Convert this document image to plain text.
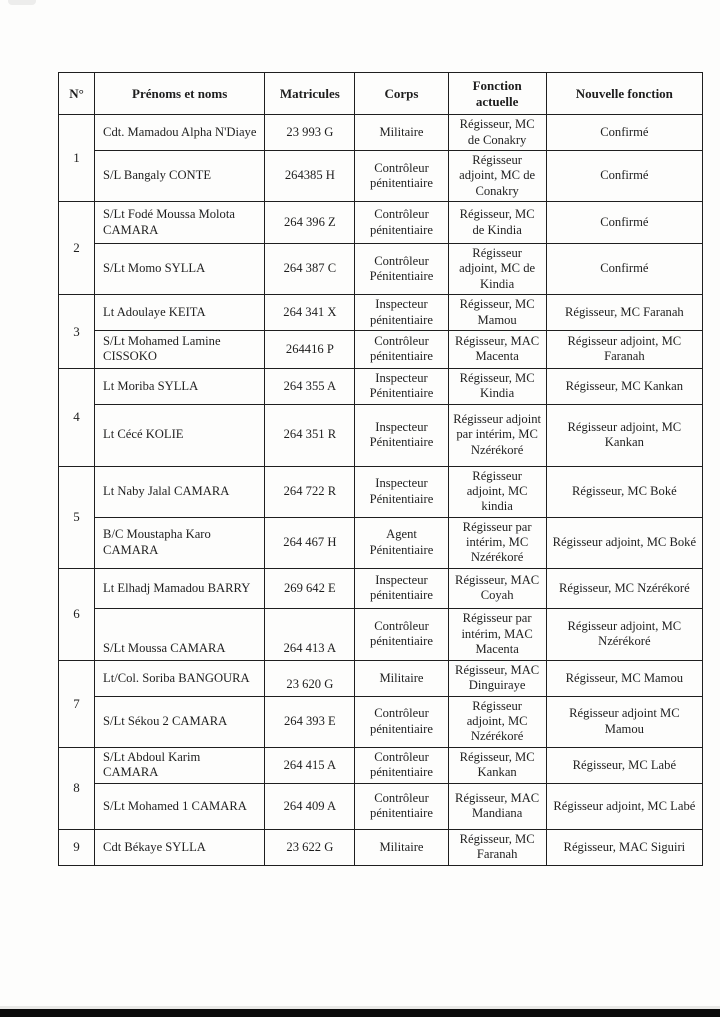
N°	Prénoms et noms	Matricules	Corps	Fonction actuelle	Nouvelle fonction
1	Cdt. Mamadou Alpha N'Diaye	23 993 G	Militaire	Régisseur, MC de Conakry	Confirmé
	S/L Bangaly CONTE	264385 H	Contrôleur pénitentiaire	Régisseur adjoint, MC de Conakry	Confirmé
2	S/Lt Fodé Moussa Molota CAMARA	264 396 Z	Contrôleur pénitentiaire	Régisseur, MC de Kindia	Confirmé
	S/Lt Momo SYLLA	264 387 C	Contrôleur Pénitentiaire	Régisseur adjoint, MC de Kindia	Confirmé
3	Lt Adoulaye KEITA	264 341 X	Inspecteur pénitentiaire	Régisseur, MC Mamou	Régisseur, MC Faranah
	S/Lt Mohamed Lamine CISSOKO	264416 P	Contrôleur pénitentiaire	Régisseur, MAC Macenta	Régisseur adjoint, MC Faranah
4	Lt Moriba SYLLA	264 355 A	Inspecteur Pénitentiaire	Régisseur, MC Kindia	Régisseur, MC Kankan
	Lt Cécé KOLIE	264 351 R	Inspecteur Pénitentiaire	Régisseur adjoint par intérim, MC Nzérékoré	Régisseur adjoint, MC Kankan
5	Lt Naby Jalal CAMARA	264 722 R	Inspecteur Pénitentiaire	Régisseur adjoint, MC kindia	Régisseur, MC Boké
	B/C Moustapha Karo CAMARA	264 467 H	Agent Pénitentiaire	Régisseur par intérim, MC Nzérékoré	Régisseur adjoint, MC Boké
6	Lt Elhadj Mamadou BARRY	269 642 E	Inspecteur pénitentiaire	Régisseur, MAC Coyah	Régisseur, MC Nzérékoré
	S/Lt Moussa CAMARA	264 413 A	Contrôleur pénitentiaire	Régisseur par intérim, MAC Macenta	Régisseur adjoint, MC Nzérékoré
7	Lt/Col. Soriba BANGOURA	23 620 G	Militaire	Régisseur, MAC Dinguiraye	Régisseur, MC Mamou
	S/Lt Sékou 2 CAMARA	264 393 E	Contrôleur pénitentiaire	Régisseur adjoint, MC Nzérékoré	Régisseur adjoint MC Mamou
8	S/Lt Abdoul Karim CAMARA	264 415 A	Contrôleur pénitentiaire	Régisseur, MC Kankan	Régisseur, MC Labé
	S/Lt Mohamed 1 CAMARA	264 409 A	Contrôleur pénitentiaire	Régisseur, MAC Mandiana	Régisseur adjoint, MC Labé
9	Cdt Békaye SYLLA	23 622 G	Militaire	Régisseur, MC Faranah	Régisseur, MAC Siguiri
